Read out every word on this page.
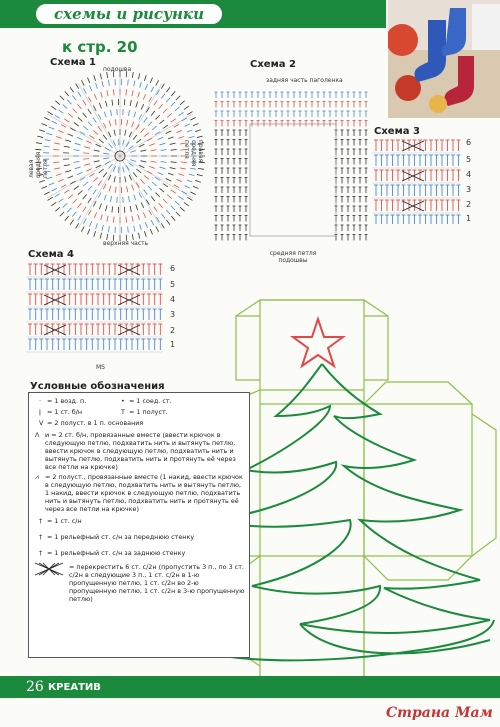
схемы и рисунки
к стр. 20
Схема 1
подошва
верхняя часть
левая средняя петля
правая средняя петля
Схема 2
задняя часть паголенка
средняя петля подошвы
Схема 3
6
5
4
3
2
1
Схема 4
6
5
4
3
2
1
MS
Условные обозначения
· = 1 возд. п.	• = 1 соед. ст.
ǀ = 1 ст. б/н	T = 1 полуст.
V = 2 полуст. в 1 п. основания
Λ и = 2 ст. б/н, провязанные вместе (ввести крючок в следующую петлю, подхватить нить и вытянуть петлю, ввести крючок в следующую петлю, подхватить нить и вытянуть петлю, подхватить нить и протянуть её через все петли на крючке)
⩘ = 2 полуст., провязанные вместе (1 накид, ввести крючок в следующую петлю, подхватить нить и вытянуть петлю, 1 накид, ввести крючок в следующую петлю, подхватить нить и вытянуть петлю, подхватить нить и протянуть её через все петли на крючке)
† = 1 ст. с/н
† = 1 рельефный ст. с/н за переднюю стенку
† = 1 рельефный ст. с/н за заднюю стенку
= перекрестить 6 ст. с/2н (пропустить 3 п., по 3 ст. с/2н в следующие 3 п., 1 ст. с/2н в 1-ю пропущенную петлю, 1 ст. с/2н во 2-ю пропущенную петлю, 1 ст. с/2н в 3-ю пропущенную петлю)
26 КРЕАТИВ
Страна Мам
